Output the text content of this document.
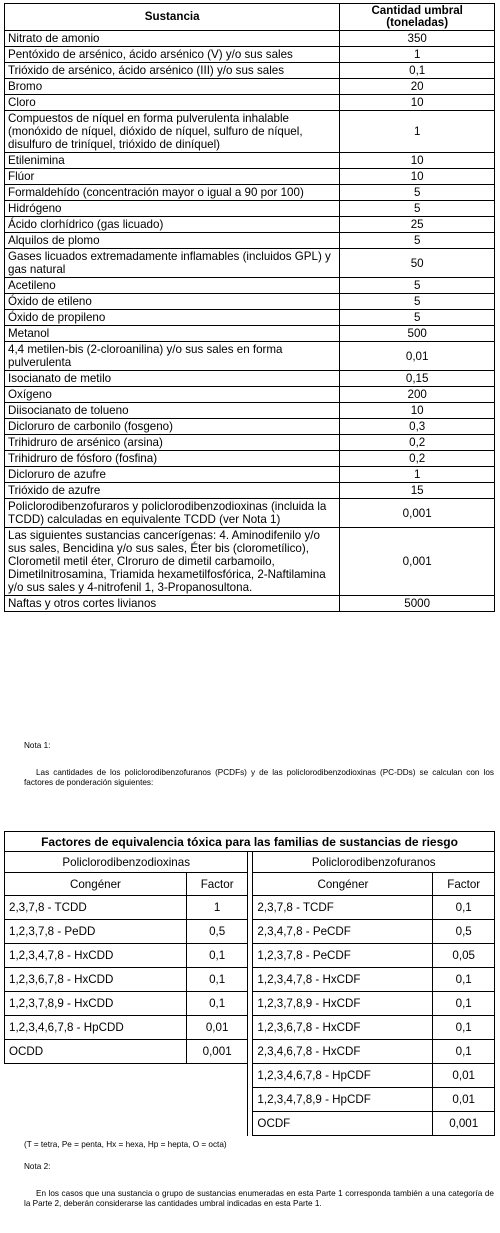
Sustancia	Cantidad umbral (toneladas)
Nitrato de amonio	350
Pentóxido de arsénico, ácido arsénico (V) y/o sus sales	1
Trióxido de arsénico, ácido arsénico (III) y/o sus sales	0,1
Bromo	20
Cloro	10
Compuestos de níquel en forma pulverulenta inhalable (monóxido de níquel, dióxido de níquel, sulfuro de níquel, disulfuro de triníquel, trióxido de diníquel)	1
Etilenimina	10
Flúor	10
Formaldehído (concentración mayor o igual a 90 por 100)	5
Hidrógeno	5
Ácido clorhídrico (gas licuado)	25
Alquilos de plomo	5
Gases licuados extremadamente inflamables (incluidos GPL) y gas natural	50
Acetileno	5
Óxido de etileno	5
Óxido de propileno	5
Metanol	500
4,4 metilen-bis (2-cloroanilina) y/o sus sales en forma pulverulenta	0,01
Isocianato de metilo	0,15
Oxígeno	200
Diisocianato de tolueno	10
Dicloruro de carbonilo (fosgeno)	0,3
Trihidruro de arsénico (arsina)	0,2
Trihidruro de fósforo (fosfina)	0,2
Dicloruro de azufre	1
Trióxido de azufre	15
Policlorodibenzofuraros y policlorodibenzodioxinas (incluida la TCDD) calculadas en equivalente TCDD (ver Nota 1)	0,001
Las siguientes sustancias cancerígenas: 4. Aminodifenilo y/o sus sales, Bencidina y/o sus sales, Éter bis (clorometílico), Clorometil metil éter, Clroruro de dimetil carbamoilo, Dimetilnitrosamina, Triamida hexametilfosfórica, 2-Naftilamina y/o sus sales y 4-nitrofenil 1, 3-Propanosultona.	0,001
Naftas y otros cortes livianos	5000
Nota 1:
Las cantidades de los policlorodibenzofuranos (PCDFs) y de las policlorodibenzodioxinas (PC-DDs) se calculan con los factores de ponderación siguientes:
Factores de equivalencia tóxica para las familias de sustancias de riesgo				
Policlorodibenzodioxinas			Policlorodibenzofuranos	
Congéner	Factor		Congéner	Factor
2,3,7,8 - TCDD	1		2,3,7,8 - TCDF	0,1
1,2,3,7,8 - PeDD	0,5		2,3,4,7,8 - PeCDF	0,5
1,2,3,4,7,8 - HxCDD	0,1		1,2,3,7,8 - PeCDF	0,05
1,2,3,6,7,8 - HxCDD	0,1		1,2,3,4,7,8 - HxCDF	0,1
1,2,3,7,8,9 - HxCDD	0,1		1,2,3,7,8,9 - HxCDF	0,1
1,2,3,4,6,7,8 - HpCDD	0,01		1,2,3,6,7,8 - HxCDF	0,1
OCDD	0,001		2,3,4,6,7,8 - HxCDF	0,1
			1,2,3,4,6,7,8 - HpCDF	0,01
			1,2,3,4,7,8,9 - HpCDF	0,01
			OCDF	0,001
(T = tetra, Pe = penta, Hx = hexa, Hp = hepta, O = octa)
Nota 2:
En los casos que una sustancia o grupo de sustancias enumeradas en esta Parte 1 corresponda también a una categoría de la Parte 2, deberán considerarse las cantidades umbral indicadas en esta Parte 1.
